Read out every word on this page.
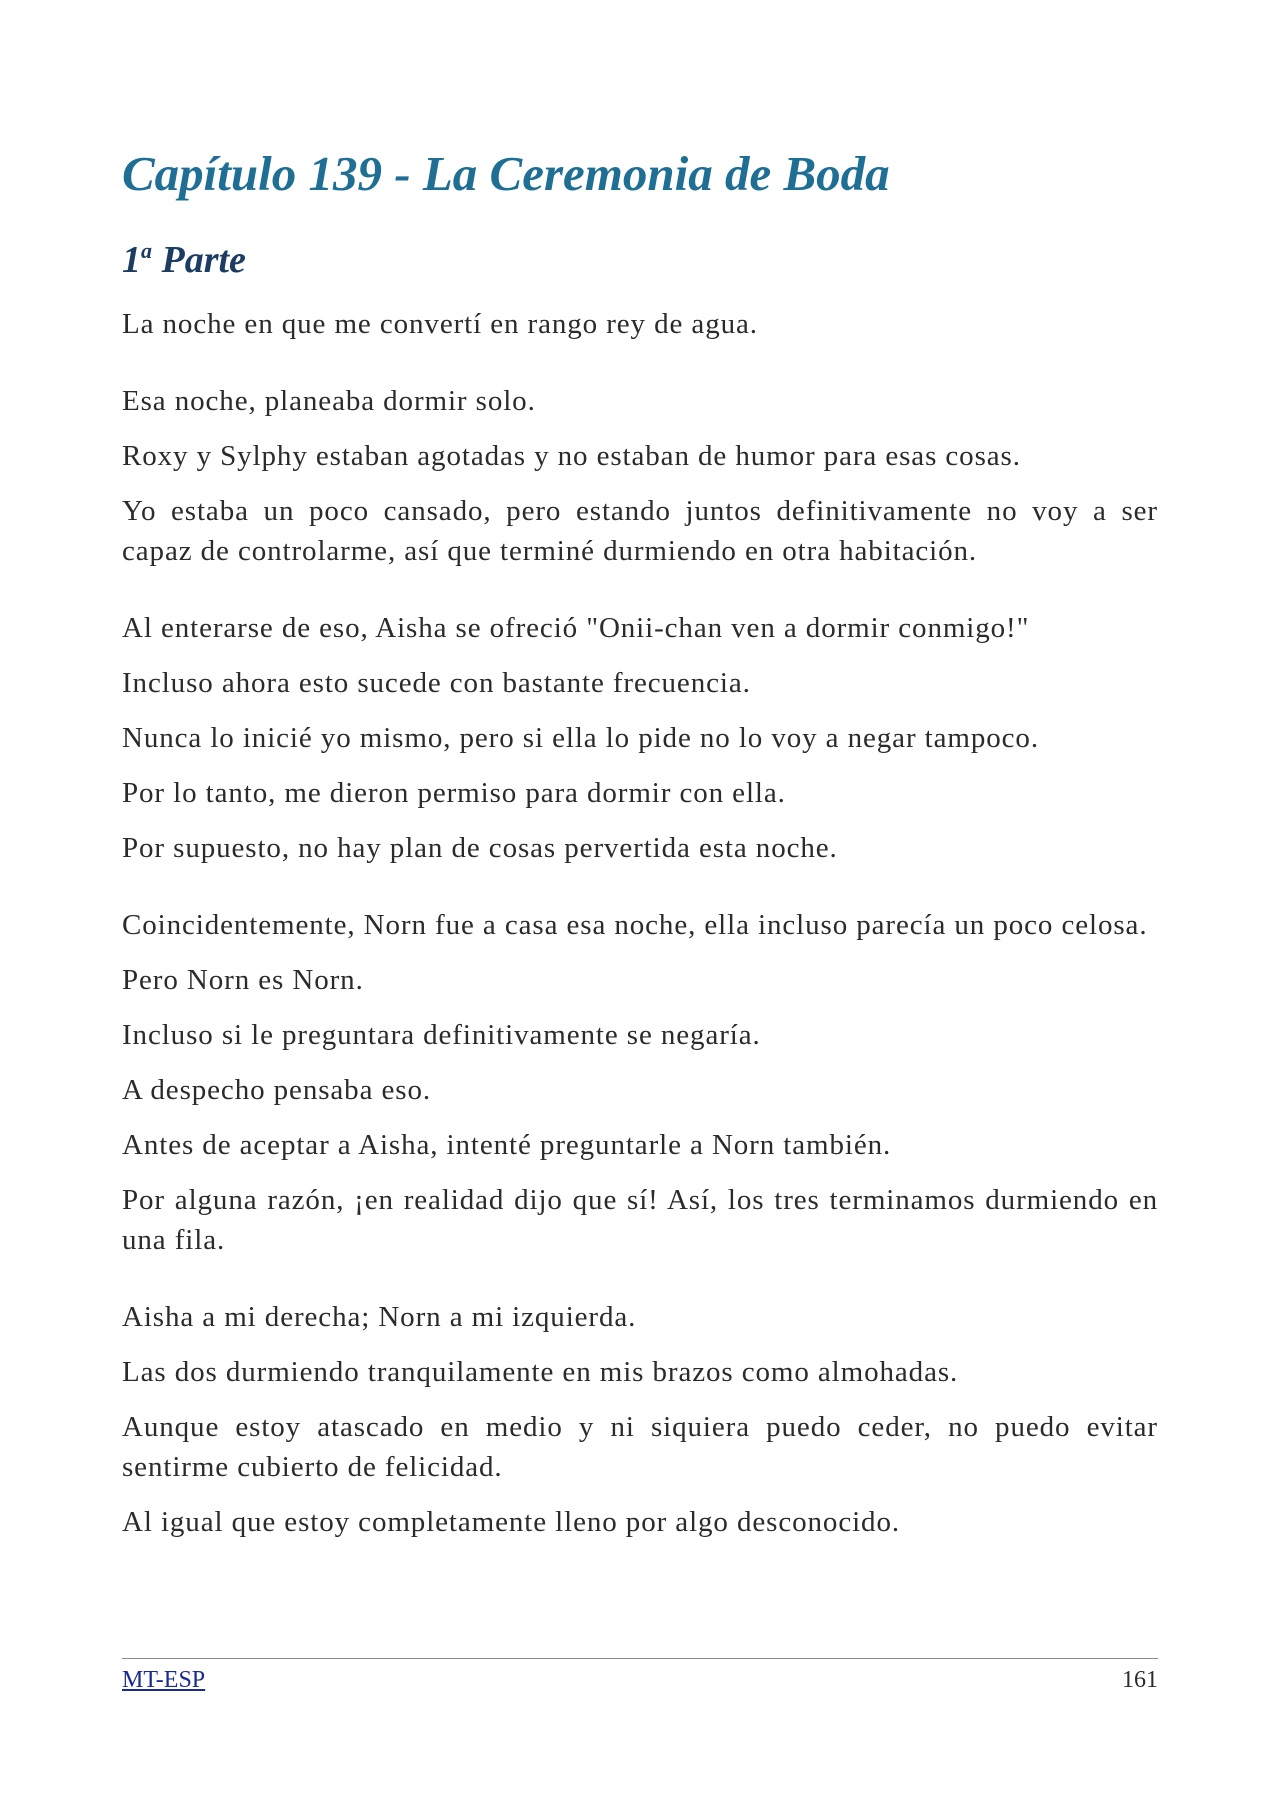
Capítulo 139 - La Ceremonia de Boda
1$^a$ Parte

La noche en que me convertí en rango rey de agua.

Esa noche, planeaba dormir solo.

Roxy y Sylphy estaban agotadas y no estaban de humor para esas cosas.

Yo estaba un poco cansado, pero estando juntos definitivamente no voy a ser capaz de controlarme, así que terminé durmiendo en otra habitación.

Al enterarse de eso, Aisha se ofreció "Onii-chan ven a dormir conmigo!"

Incluso ahora esto sucede con bastante frecuencia.

Nunca lo inicié yo mismo, pero si ella lo pide no lo voy a negar tampoco.

Por lo tanto, me dieron permiso para dormir con ella.

Por supuesto, no hay plan de cosas pervertida esta noche.

Coincidentemente, Norn fue a casa esa noche, ella incluso parecía un poco celosa.

Pero Norn es Norn.

Incluso si le preguntara definitivamente se negaría.

A despecho pensaba eso.

Antes de aceptar a Aisha, intenté preguntarle a Norn también.

Por alguna razón, ¡en realidad dijo que sí! Así, los tres terminamos durmiendo en una fila.

Aisha a mi derecha; Norn a mi izquierda.

Las dos durmiendo tranquilamente en mis brazos como almohadas.

Aunque estoy atascado en medio y ni siquiera puedo ceder, no puedo evitar sentirme cubierto de felicidad.

Al igual que estoy completamente lleno por algo desconocido.

MT-ESP	161
